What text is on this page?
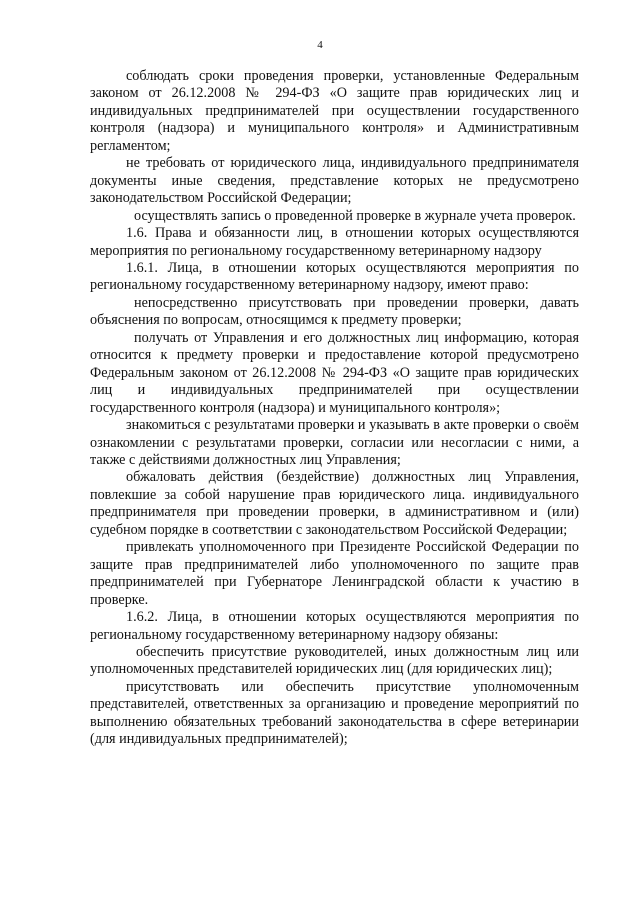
4

соблюдать сроки проведения проверки, установленные Федеральным законом от 26.12.2008 № 294-ФЗ «О защите прав юридических лиц и индивидуальных предпринимателей при осуществлении государственного контроля (надзора) и муниципального контроля» и Административным регламентом;

не требовать от юридического лица, индивидуального предпринимателя документы иные сведения, представление которых не предусмотрено законодательством Российской Федерации;

осуществлять запись о проведенной проверке в журнале учета проверок.

1.6. Права и обязанности лиц, в отношении которых осуществляются мероприятия по региональному государственному ветеринарному надзору

1.6.1. Лица, в отношении которых осуществляются мероприятия по региональному государственному ветеринарному надзору, имеют право:

непосредственно присутствовать при проведении проверки, давать объяснения по вопросам, относящимся к предмету проверки;

получать от Управления и его должностных лиц информацию, которая относится к предмету проверки и предоставление которой предусмотрено Федеральным законом от 26.12.2008 № 294-ФЗ «О защите прав юридических лиц и индивидуальных предпринимателей при осуществлении государственного контроля (надзора) и муниципального контроля»;

знакомиться с результатами проверки и указывать в акте проверки о своём ознакомлении с результатами проверки, согласии или несогласии с ними, а также с действиями должностных лиц Управления;

обжаловать действия (бездействие) должностных лиц Управления, повлекшие за собой нарушение прав юридического лица. индивидуального предпринимателя при проведении проверки, в административном и (или) судебном порядке в соответствии с законодательством Российской Федерации;

привлекать уполномоченного при Президенте Российской Федерации по защите прав предпринимателей либо уполномоченного по защите прав предпринимателей при Губернаторе Ленинградской области к участию в проверке.

1.6.2. Лица, в отношении которых осуществляются мероприятия по региональному государственному ветеринарному надзору обязаны:

обеспечить присутствие руководителей, иных должностным лиц или уполномоченных представителей юридических лиц (для юридических лиц);

присутствовать или обеспечить присутствие уполномоченным представителей, ответственных за организацию и проведение мероприятий по выполнению обязательных требований законодательства в сфере ветеринарии (для индивидуальных предпринимателей);
